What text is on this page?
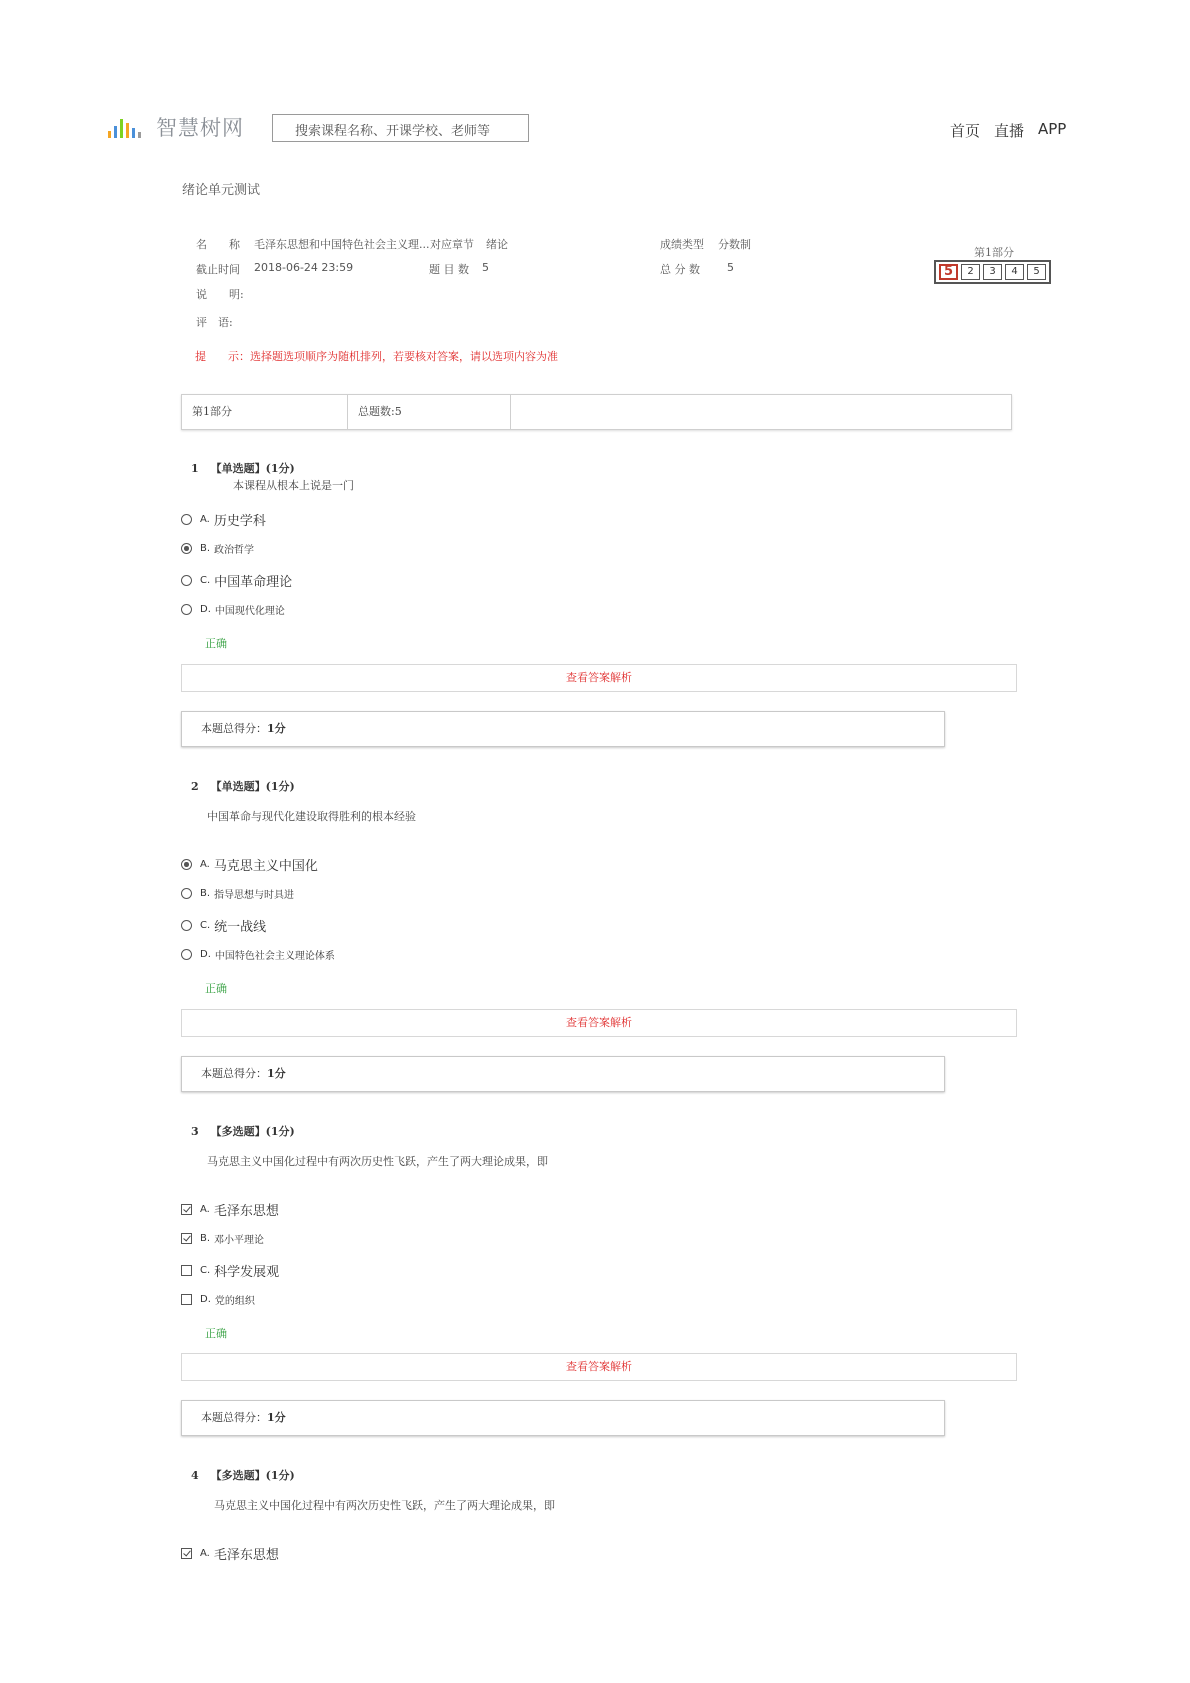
智慧树网	搜索课程名称、开课学校、老师等	首页 直播 APP
绪论单元测试
名　　称 毛泽东思想和中国特色社会主义理... 对应章节 绪论	成绩类型 分数制
截止时间 2018-06-24 23:59	题 目 数 5	总 分 数 5
说　　明:
评　语:
提　　示：选择题选项顺序为随机排列，若要核对答案，请以选项内容为准
第1部分
5	2	3	4	5
第1部分	总题数:5
1 【单选题】(1分)
本课程从根本上说是一门
A. 历史学科
B. 政治哲学
C. 中国革命理论
D. 中国现代化理论
正确
查看答案解析
本题总得分：1分
2 【单选题】(1分)
中国革命与现代化建设取得胜利的根本经验
A. 马克思主义中国化
B. 指导思想与时具进
C. 统一战线
D. 中国特色社会主义理论体系
正确
查看答案解析
本题总得分：1分
3 【多选题】(1分)
马克思主义中国化过程中有两次历史性飞跃，产生了两大理论成果，即
A. 毛泽东思想
B. 邓小平理论
C. 科学发展观
D. 党的组织
正确
查看答案解析
本题总得分：1分
4 【多选题】(1分)
马克思主义中国化过程中有两次历史性飞跃，产生了两大理论成果，即
A. 毛泽东思想
